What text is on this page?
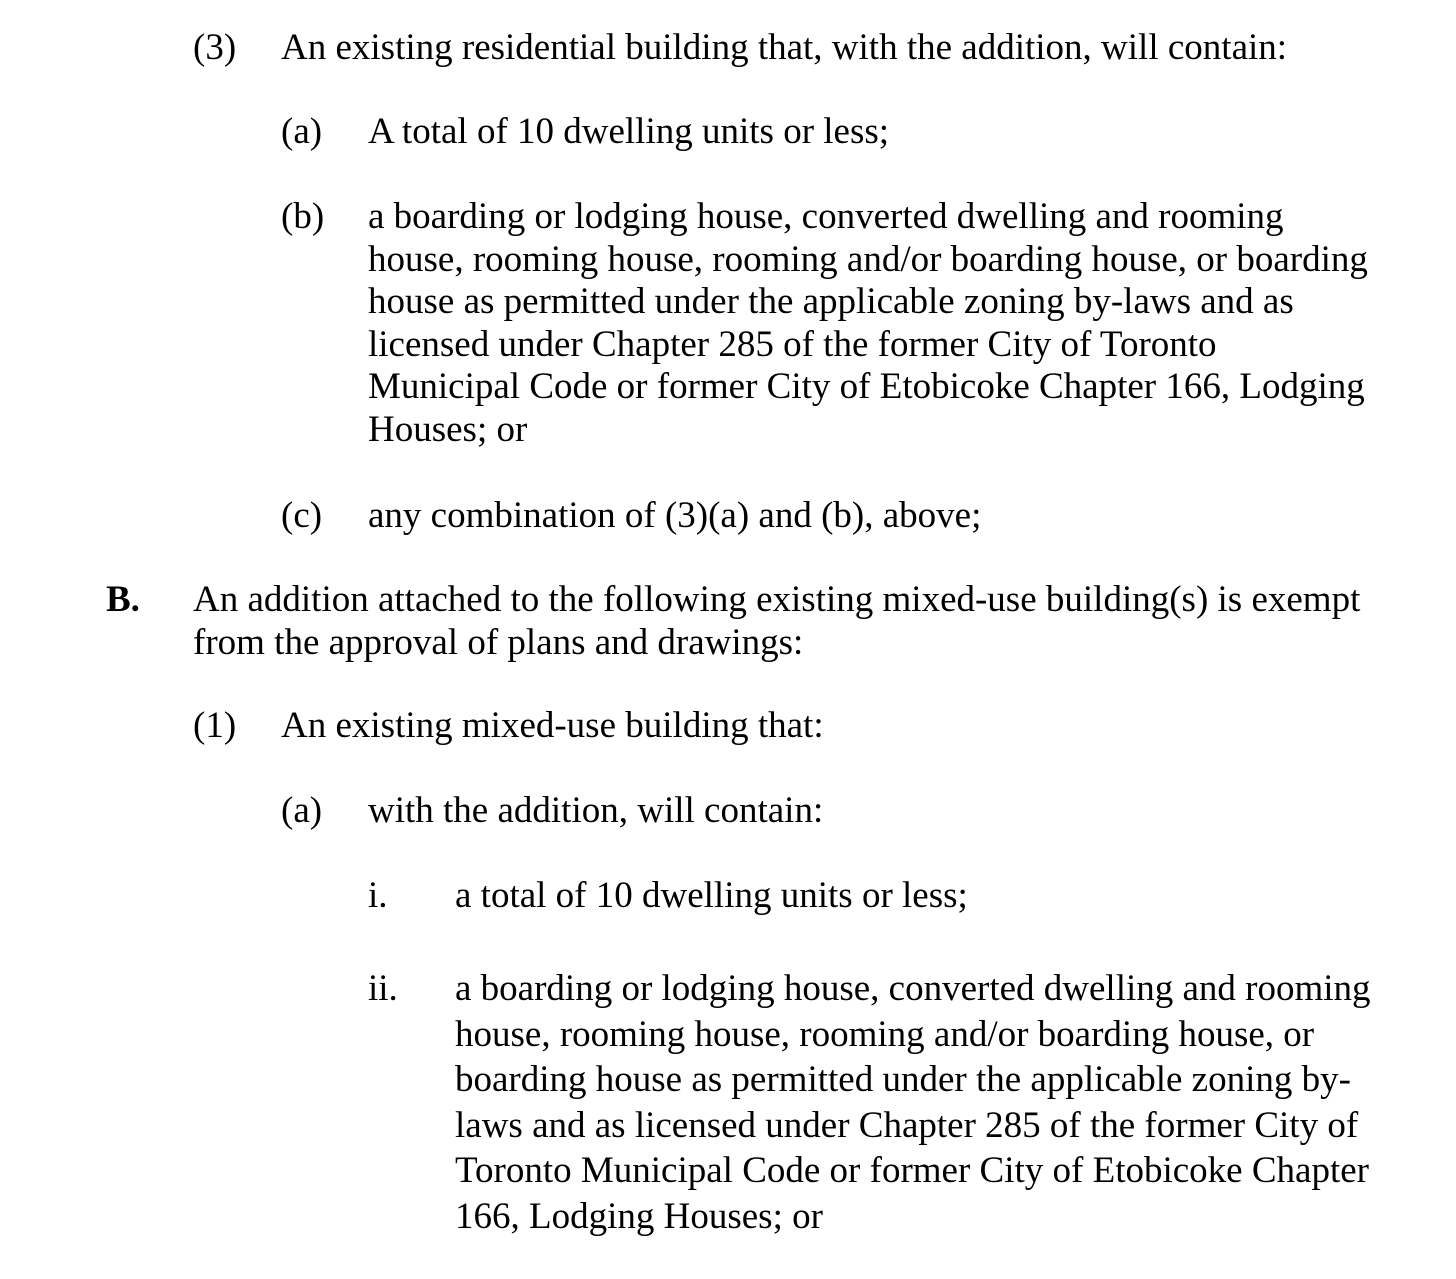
(3) An existing residential building that, with the addition, will contain:
(a) A total of 10 dwelling units or less;
(b) a boarding or lodging house, converted dwelling and rooming
house, rooming house, rooming and/or boarding house, or boarding
house as permitted under the applicable zoning by-laws and as
licensed under Chapter 285 of the former City of Toronto
Municipal Code or former City of Etobicoke Chapter 166, Lodging
Houses; or
(c) any combination of (3)(a) and (b), above;
B. An addition attached to the following existing mixed-use building(s) is exempt
from the approval of plans and drawings:
(1) An existing mixed-use building that:
(a) with the addition, will contain:
i. a total of 10 dwelling units or less;
ii. a boarding or lodging house, converted dwelling and rooming
house, rooming house, rooming and/or boarding house, or
boarding house as permitted under the applicable zoning by-
laws and as licensed under Chapter 285 of the former City of
Toronto Municipal Code or former City of Etobicoke Chapter
166, Lodging Houses; or
